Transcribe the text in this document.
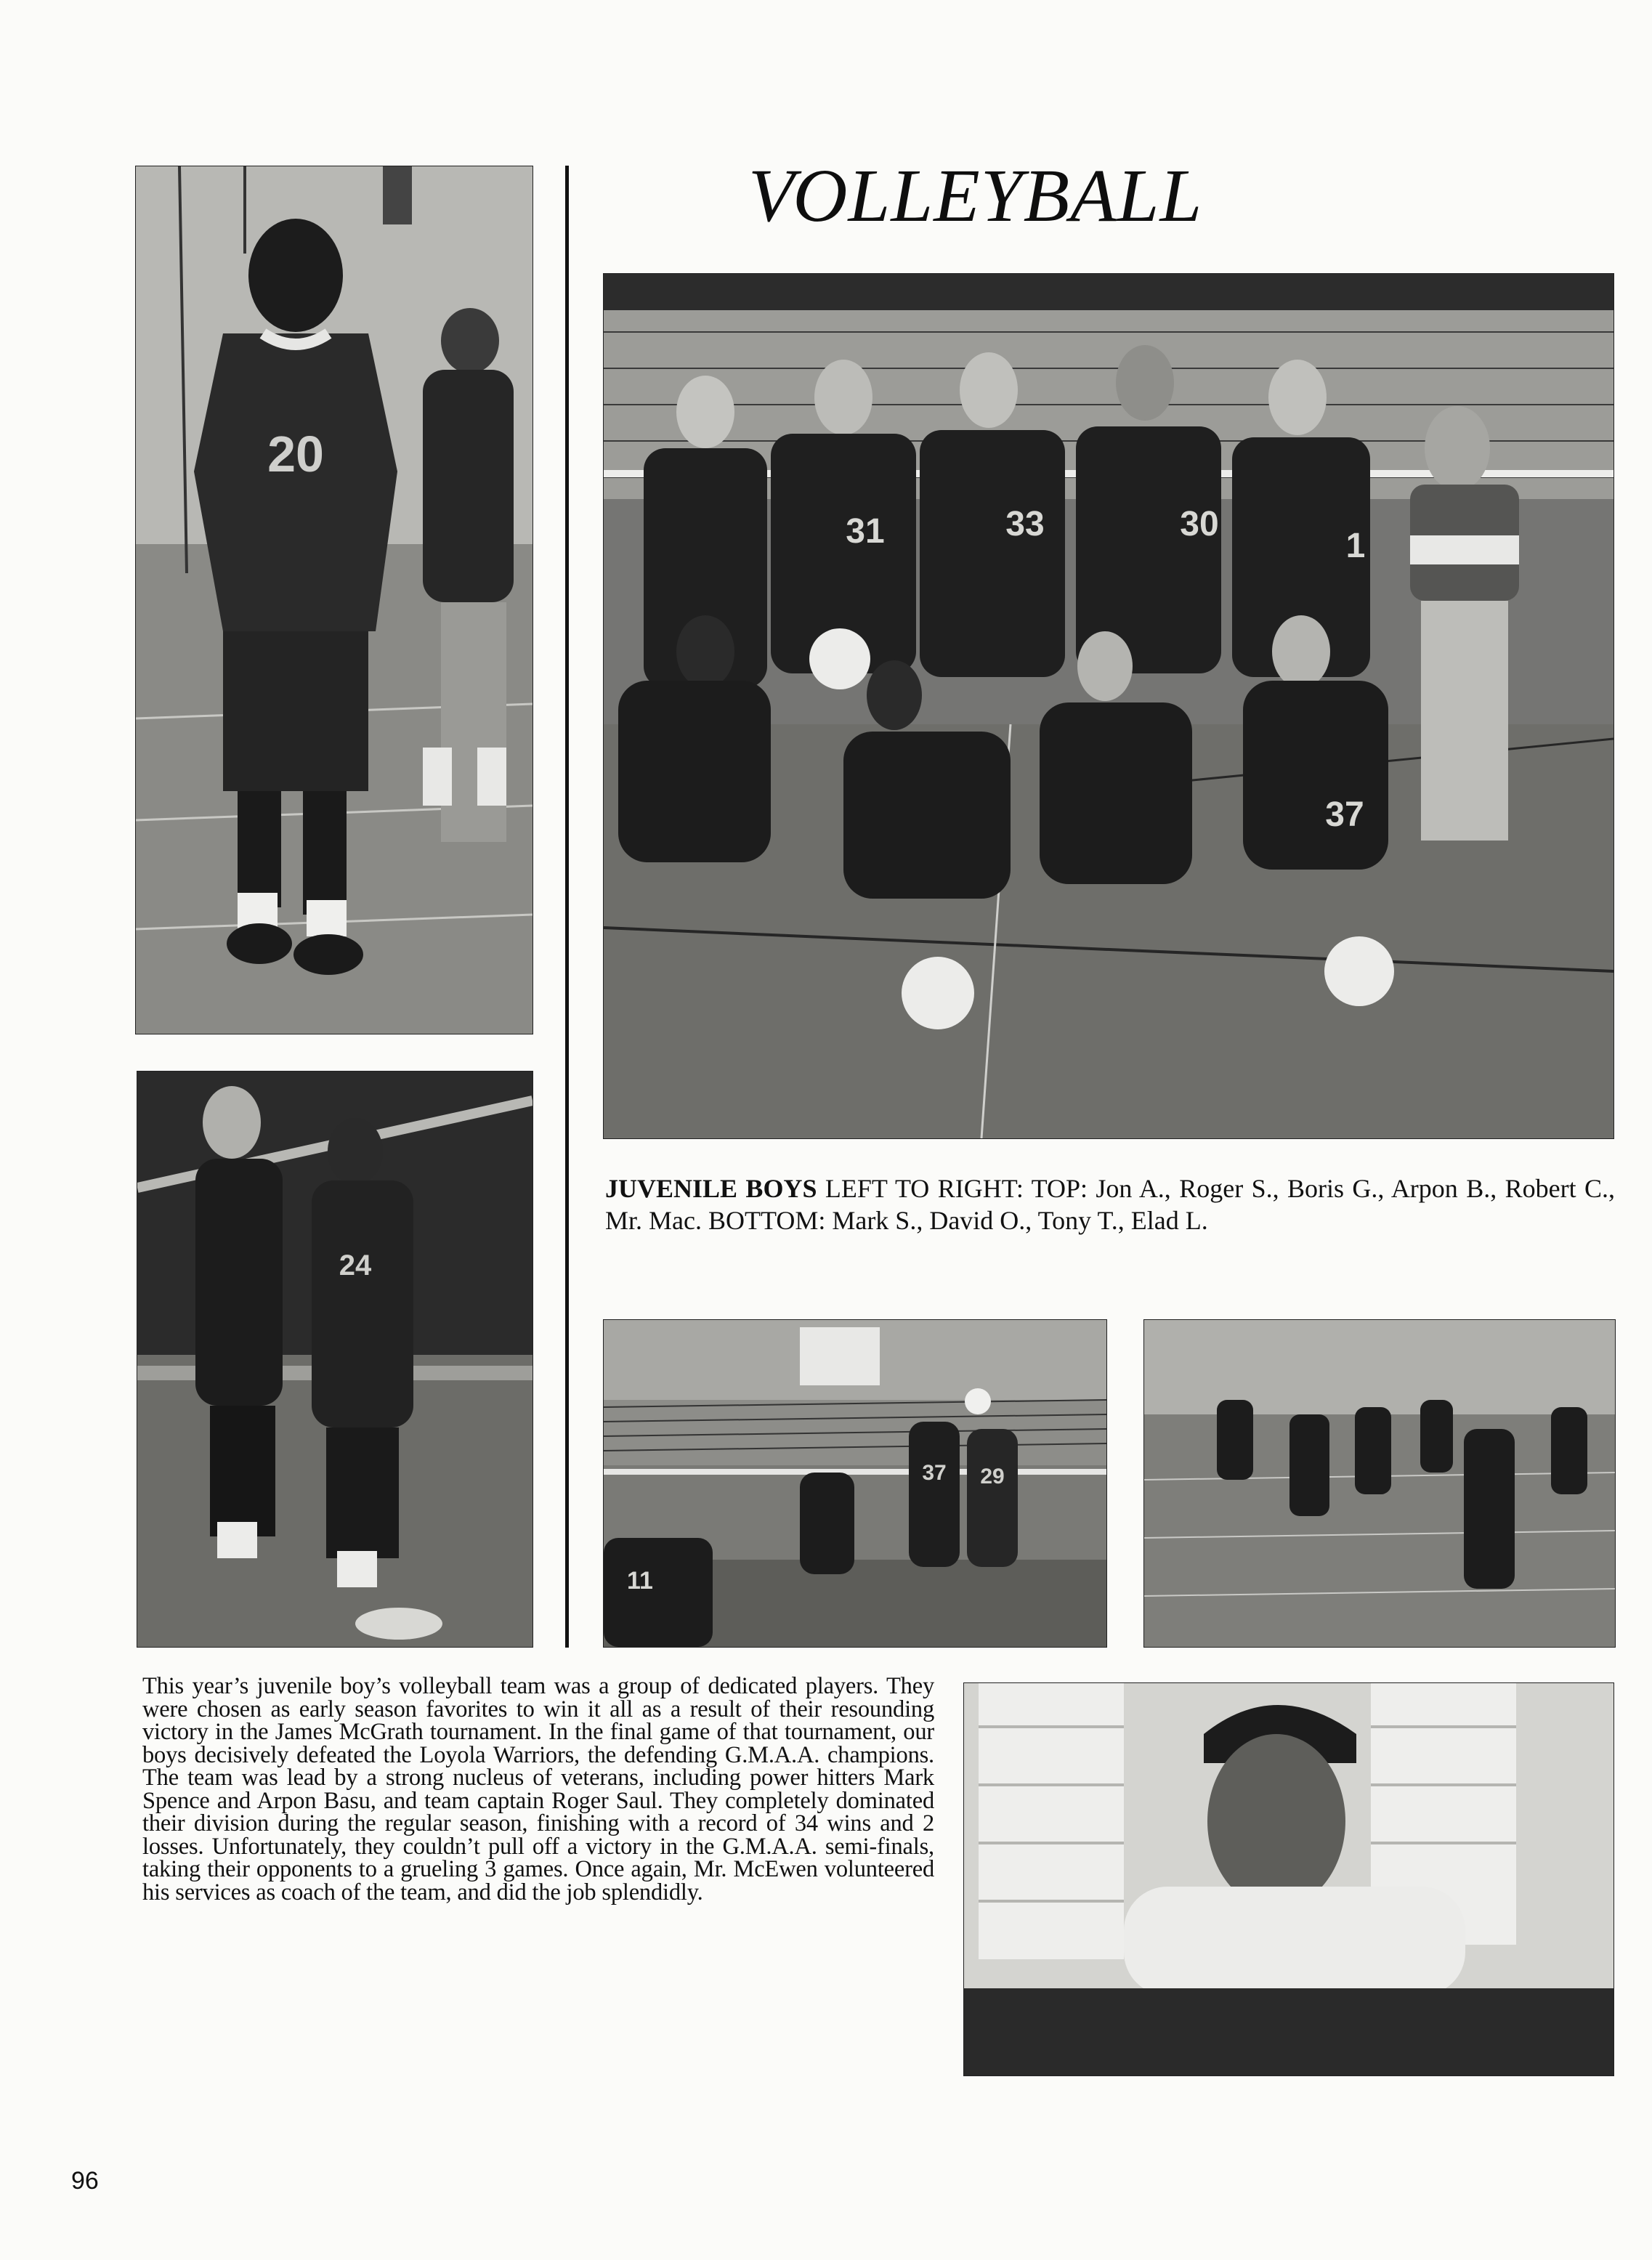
20
VOLLEYBALL
31	33	30
1
37

JUVENILE BOYS LEFT TO RIGHT: TOP: Jon A., Roger S., Boris G., Arpon B., Robert C., Mr. Mac. BOTTOM: Mark S., David O., Tony T., Elad L.

24
37 29
11

This year’s juvenile boy’s volleyball team was a group of dedicated players. They were chosen as early season favorites to win it all as a result of their resounding victory in the James McGrath tournament. In the final game of that tournament, our boys decisively defeated the Loyola Warriors, the defending G.M.A.A. champions. The team was lead by a strong nucleus of veterans, including power hitters Mark Spence and Arpon Basu, and team captain Roger Saul. They completely dominated their division during the regular season, finishing with a record of 34 wins and 2 losses. Unfortunately, they couldn’t pull off a victory in the G.M.A.A. semi-finals, taking their opponents to a grueling 3 games. Once again, Mr. McEwen volunteered his services as coach of the team, and did the job splendidly.

96
